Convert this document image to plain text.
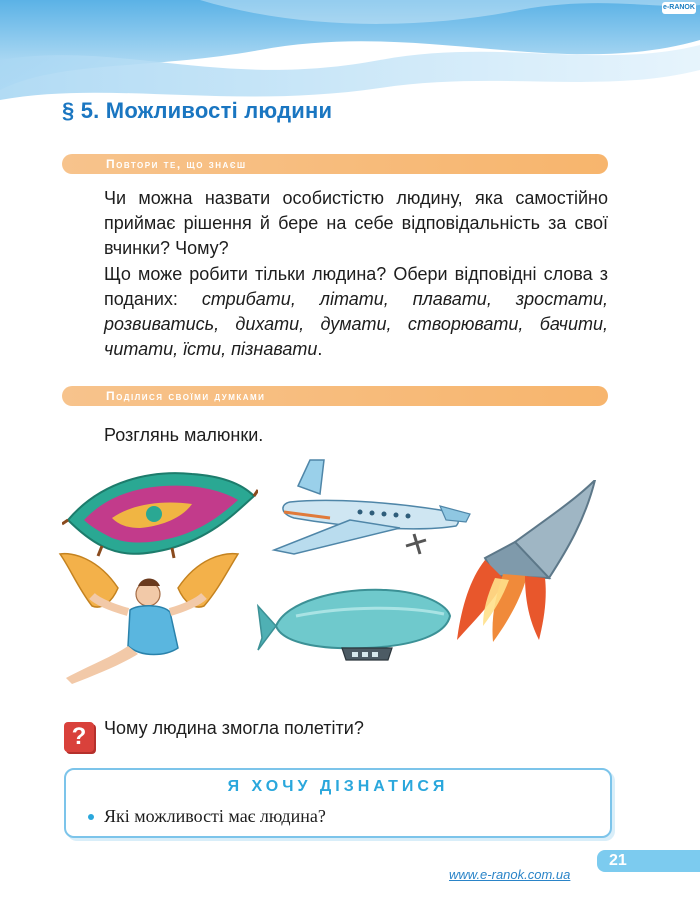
e-RANOK
§ 5. Можливості людини
Повтори те, що знаєш
Чи можна назвати особистістю людину, яка самостійно приймає рішення й бере на себе відповідальність за свої вчинки? Чому?
Що може робити тільки людина? Обери відповідні слова з поданих: стрибати, літати, плавати, зростати, розвиватись, дихати, думати, створювати, бачити, читати, їсти, пізнавати.
Поділися своїми думками
Розглянь малюнки.
? Чому людина змогла полетіти?
Я ХОЧУ ДІЗНАТИСЯ
Які можливості має людина?
21
www.e-ranok.com.ua
